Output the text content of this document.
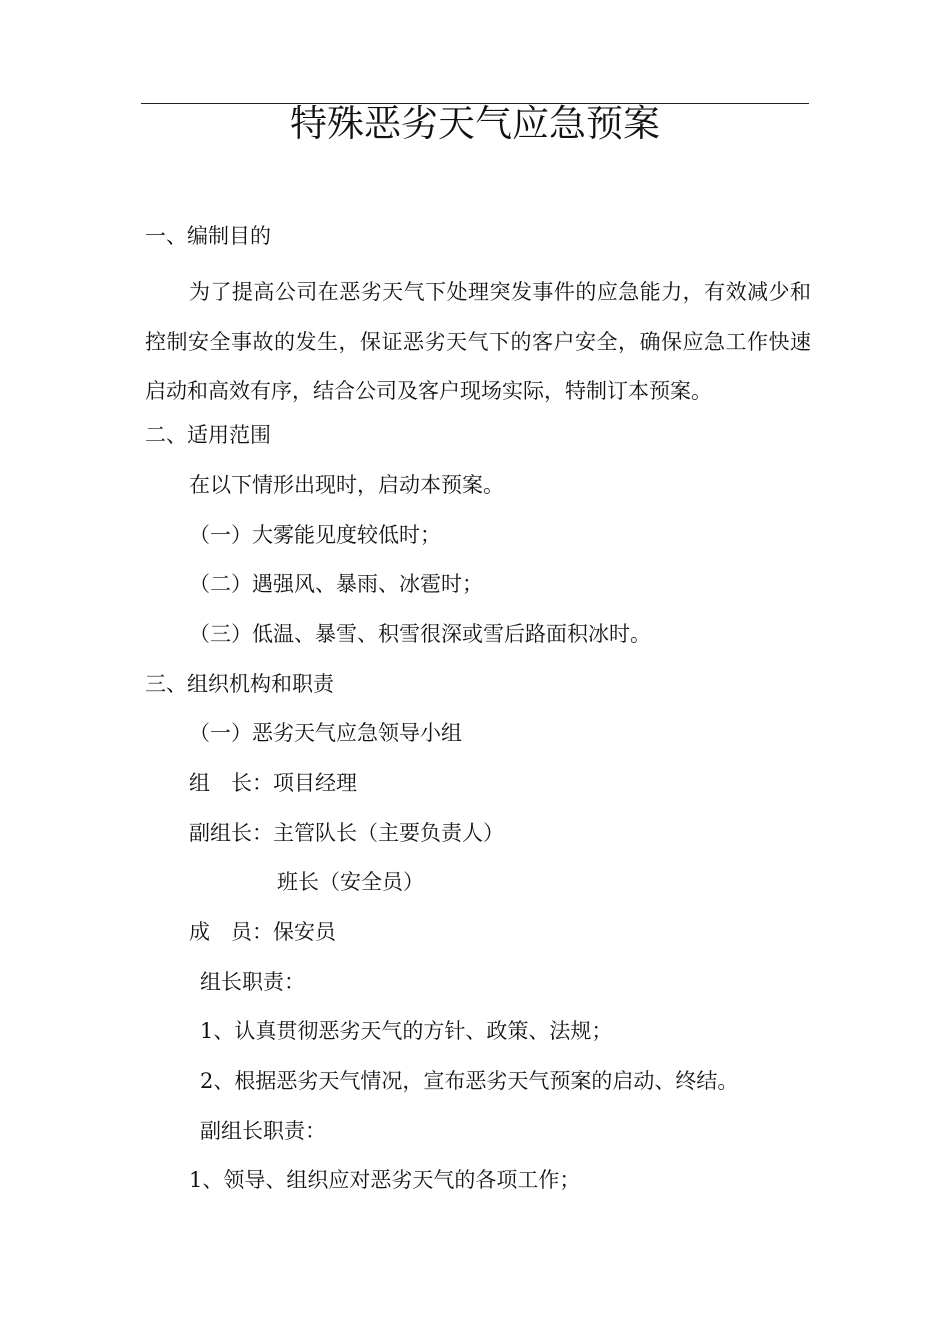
特殊恶劣天气应急预案
一、编制目的
为了提高公司在恶劣天气下处理突发事件的应急能力，有效减少和控制安全事故的发生，保证恶劣天气下的客户安全，确保应急工作快速启动和高效有序，结合公司及客户现场实际，特制订本预案。
二、适用范围
在以下情形出现时，启动本预案。
（一）大雾能见度较低时；
（二）遇强风、暴雨、冰雹时；
（三）低温、暴雪、积雪很深或雪后路面积冰时。
三、组织机构和职责
（一）恶劣天气应急领导小组
组　长：项目经理
副组长：主管队长（主要负责人）
班长（安全员）
成　员：保安员
组长职责：
1、认真贯彻恶劣天气的方针、政策、法规；
2、根据恶劣天气情况，宣布恶劣天气预案的启动、终结。
副组长职责：
1、领导、组织应对恶劣天气的各项工作；
